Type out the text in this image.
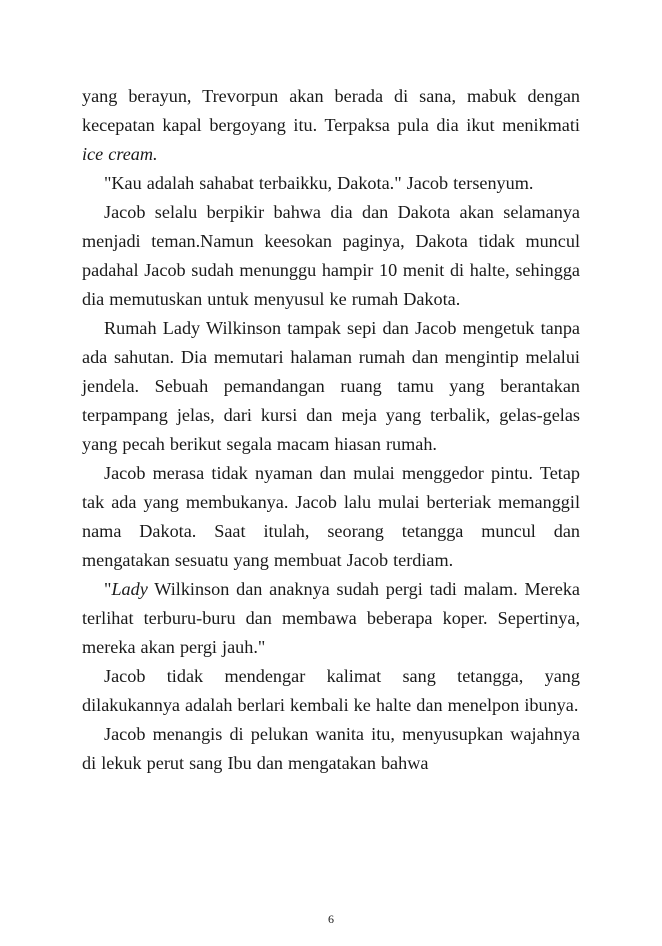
yang berayun, Trevorpun akan berada di sana, mabuk dengan kecepatan kapal bergoyang itu. Terpaksa pula dia ikut menikmati ice cream.

"Kau adalah sahabat terbaikku, Dakota." Jacob tersenyum.

Jacob selalu berpikir bahwa dia dan Dakota akan selamanya menjadi teman.Namun keesokan paginya, Dakota tidak muncul padahal Jacob sudah menunggu hampir 10 menit di halte, sehingga dia memutuskan untuk menyusul ke rumah Dakota.

Rumah Lady Wilkinson tampak sepi dan Jacob mengetuk tanpa ada sahutan. Dia memutari halaman rumah dan mengintip melalui jendela. Sebuah pemandangan ruang tamu yang berantakan terpampang jelas, dari kursi dan meja yang terbalik, gelas-gelas yang pecah berikut segala macam hiasan rumah.

Jacob merasa tidak nyaman dan mulai menggedor pintu. Tetap tak ada yang membukanya. Jacob lalu mulai berteriak memanggil nama Dakota. Saat itulah, seorang tetangga muncul dan mengatakan sesuatu yang membuat Jacob terdiam.

"Lady Wilkinson dan anaknya sudah pergi tadi malam. Mereka terlihat terburu-buru dan membawa beberapa koper. Sepertinya, mereka akan pergi jauh."

Jacob tidak mendengar kalimat sang tetangga, yang dilakukannya adalah berlari kembali ke halte dan menelpon ibunya.

Jacob menangis di pelukan wanita itu, menyusupkan wajahnya di lekuk perut sang Ibu dan mengatakan bahwa

6
